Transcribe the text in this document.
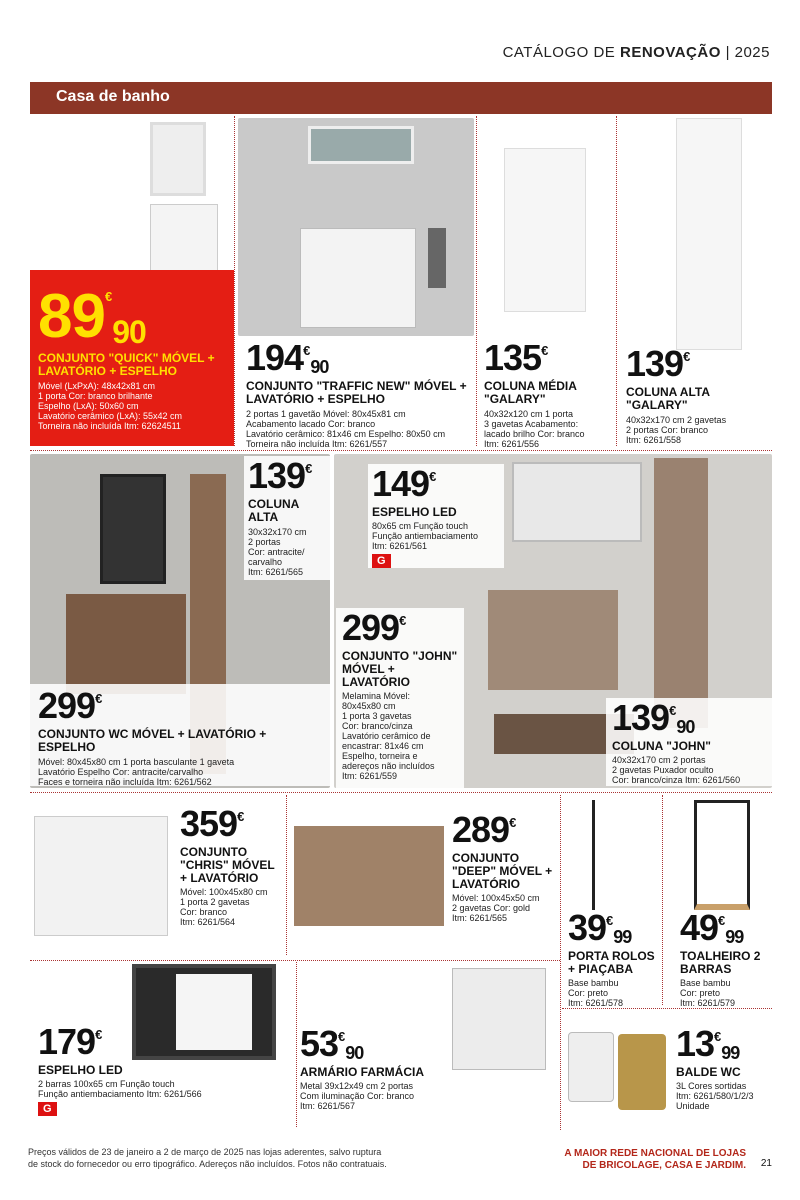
CATÁLOGO DE RENOVAÇÃO | 2025
Casa de banho
89€90
CONJUNTO "QUICK" MÓVEL + LAVATÓRIO + ESPELHO
Móvel (LxPxA): 48x42x81 cm
1 porta Cor: branco brilhante
Espelho (LxA): 50x60 cm
Lavatório cerâmico (LxA): 55x42 cm
Torneira não incluída Itm: 62624511
194€90
CONJUNTO "TRAFFIC NEW" MÓVEL + LAVATÓRIO + ESPELHO
2 portas 1 gavetão Móvel: 80x45x81 cm
Acabamento lacado Cor: branco
Lavatório cerâmico: 81x46 cm Espelho: 80x50 cm
Torneira não incluída Itm: 6261/557
135€
COLUNA MÉDIA "GALARY"
40x32x120 cm 1 porta
3 gavetas Acabamento:
lacado brilho Cor: branco
Itm: 6261/556
139€
COLUNA ALTA "GALARY"
40x32x170 cm 2 gavetas
2 portas Cor: branco
Itm: 6261/558
139€
COLUNA ALTA
30x32x170 cm
2 portas
Cor: antracite/
carvalho
Itm: 6261/565
299€
CONJUNTO WC MÓVEL + LAVATÓRIO + ESPELHO
Móvel: 80x45x80 cm 1 porta basculante 1 gaveta
Lavatório Espelho Cor: antracite/carvalho
Faces e torneira não incluída Itm: 6261/562
149€
ESPELHO LED
80x65 cm Função touch
Função antiembaciamento
Itm: 6261/561
G
299€
CONJUNTO "JOHN" MÓVEL + LAVATÓRIO
Melamina Móvel:
80x45x80 cm
1 porta 3 gavetas
Cor: branco/cinza
Lavatório cerâmico de
encastrar: 81x46 cm
Espelho, torneira e
adereços não incluídos
Itm: 6261/559
139€90
COLUNA "JOHN"
40x32x170 cm 2 portas
2 gavetas Puxador oculto
Cor: branco/cinza Itm: 6261/560
359€
CONJUNTO "CHRIS" MÓVEL + LAVATÓRIO
Móvel: 100x45x80 cm
1 porta 2 gavetas
Cor: branco
Itm: 6261/564
289€
CONJUNTO "DEEP" MÓVEL + LAVATÓRIO
Móvel: 100x45x50 cm
2 gavetas Cor: gold
Itm: 6261/565	39€99
PORTA ROLOS + PIAÇABA
Base bambu
Cor: preto
Itm: 6261/578
49€99
TOALHEIRO 2 BARRAS
Base bambu
Cor: preto
Itm: 6261/579
179€
ESPELHO LED
2 barras 100x65 cm Função touch
Função antiembaciamento Itm: 6261/566
G
53€90
ARMÁRIO FARMÁCIA
Metal 39x12x49 cm 2 portas
Com iluminação Cor: branco
Itm: 6261/567
13€99
BALDE WC
3L Cores sortidas
Itm: 6261/580/1/2/3
Unidade
Preços válidos de 23 de janeiro a 2 de março de 2025 nas lojas aderentes, salvo ruptura
de stock do fornecedor ou erro tipográfico. Adereços não incluídos. Fotos não contratuais.
A MAIOR REDE NACIONAL DE LOJAS
DE BRICOLAGE, CASA E JARDIM. 21
